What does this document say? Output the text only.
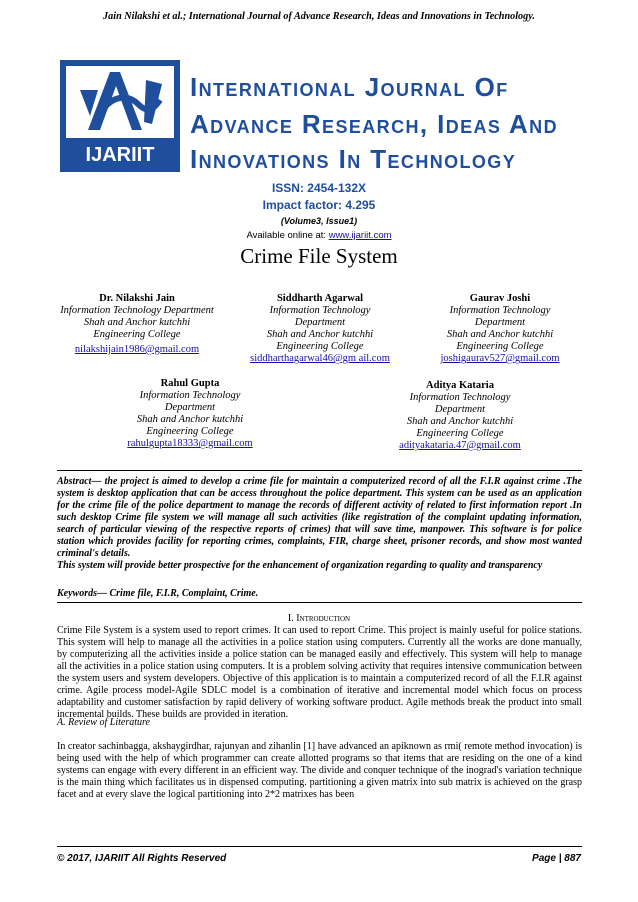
Jain Nilakshi et al.; International Journal of Advance Research, Ideas and Innovations in Technology.
IJARIIT
International Journal Of
Advance Research, Ideas And
Innovations In Technology
ISSN: 2454-132X
Impact factor: 4.295
(Volume3, Issue1)
Available online at: www.ijariit.com
Crime File System
Dr. Nilakshi Jain
Information Technology Department
Shah and Anchor kutchhi
Engineering College
nilakshijain1986@gmail.com
Siddharth Agarwal
Information Technology
Department
Shah and Anchor kutchhi
Engineering College
siddharthagarwal46@gm ail.com
Gaurav Joshi
Information Technology
Department
Shah and Anchor kutchhi
Engineering College
joshigaurav527@gmail.com
Rahul Gupta
Information Technology
Department
Shah and Anchor kutchhi
Engineering College
rahulgupta18333@gmail.com
Aditya Kataria
Information Technology
Department
Shah and Anchor kutchhi
Engineering College
adityakataria.47@gmail.com

Abstract— the project is aimed to develop a crime file for maintain a computerized record of all the F.I.R against crime .The system is desktop application that can be access throughout the police department. This system can be used as an application for the crime file of the police department to manage the records of different activity of related to first information report .In such desktop Crime file system we will manage all such activities (like registration of the complaint updating information, search of particular viewing of the respective reports of crimes) that will save time, manpower. This software is for police station which provides facility for reporting crimes, complaints, FIR, charge sheet, prisoner records, and show most wanted criminal's details.

This system will provide better prospective for the enhancement of organization regarding to quality and transparency

Keywords— Crime file, F.I.R, Complaint, Crime.
I. Introduction
Crime File System is a system used to report crimes. It can used to report Crime. This project is mainly useful for police stations. This system will help to manage all the activities in a police station using computers. Currently all the works are done manually, by computerizing all the activities inside a police station can be managed easily and effectively. This system will help to manage all the activities in a police station using computers. It is a problem solving activity that requires intensive communication between the system users and system developers. Objective of this application is to maintain a computerized record of all the F.I.R against crime. Agile process model-Agile SDLC model is a combination of iterative and incremental model which focus on process adaptability and customer satisfaction by rapid delivery of working software product. Agile methods break the product into small incremental builds. These builds are provided in iteration.
A. Review of Literature
In creator sachinbagga, akshaygirdhar, rajunyan and zihanlin [1] have advanced an apiknown as rmi( remote method invocation) is being used with the help of which programmer can create allotted programs so that items that are residing on the one of a kind systems can engage with every different in an efficient way. The divide and conquer technique of the inograd's variation technique is the main thing which facilitates us in dispensed computing. partitioning a given matrix into sub matrix is achieved on the grasp facet and at every slave the logical partitioning into 2*2 matrixes has been
© 2017, IJARIIT All Rights Reserved	Page | 887
